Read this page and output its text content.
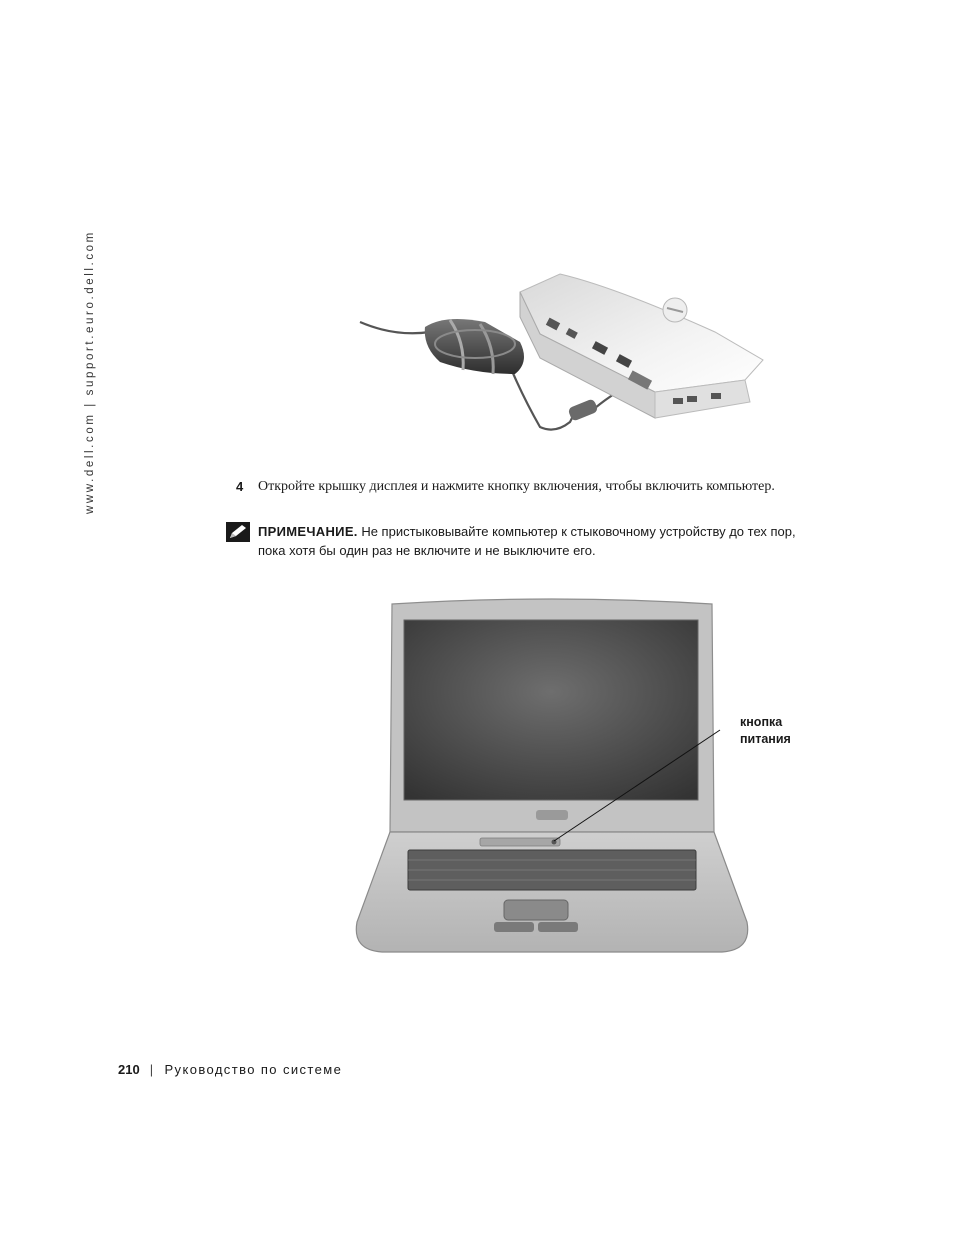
www.dell.com | support.euro.dell.com	4 Откройте крышку дисплея и нажмите кнопку включения, чтобы включить компьютер.
ПРИМЕЧАНИЕ. Не пристыковывайте компьютер к стыковочному устройству до тех пор, пока хотя бы один раз не включите и не выключите его.
кнопка
питания
210 | Руководство по системе
